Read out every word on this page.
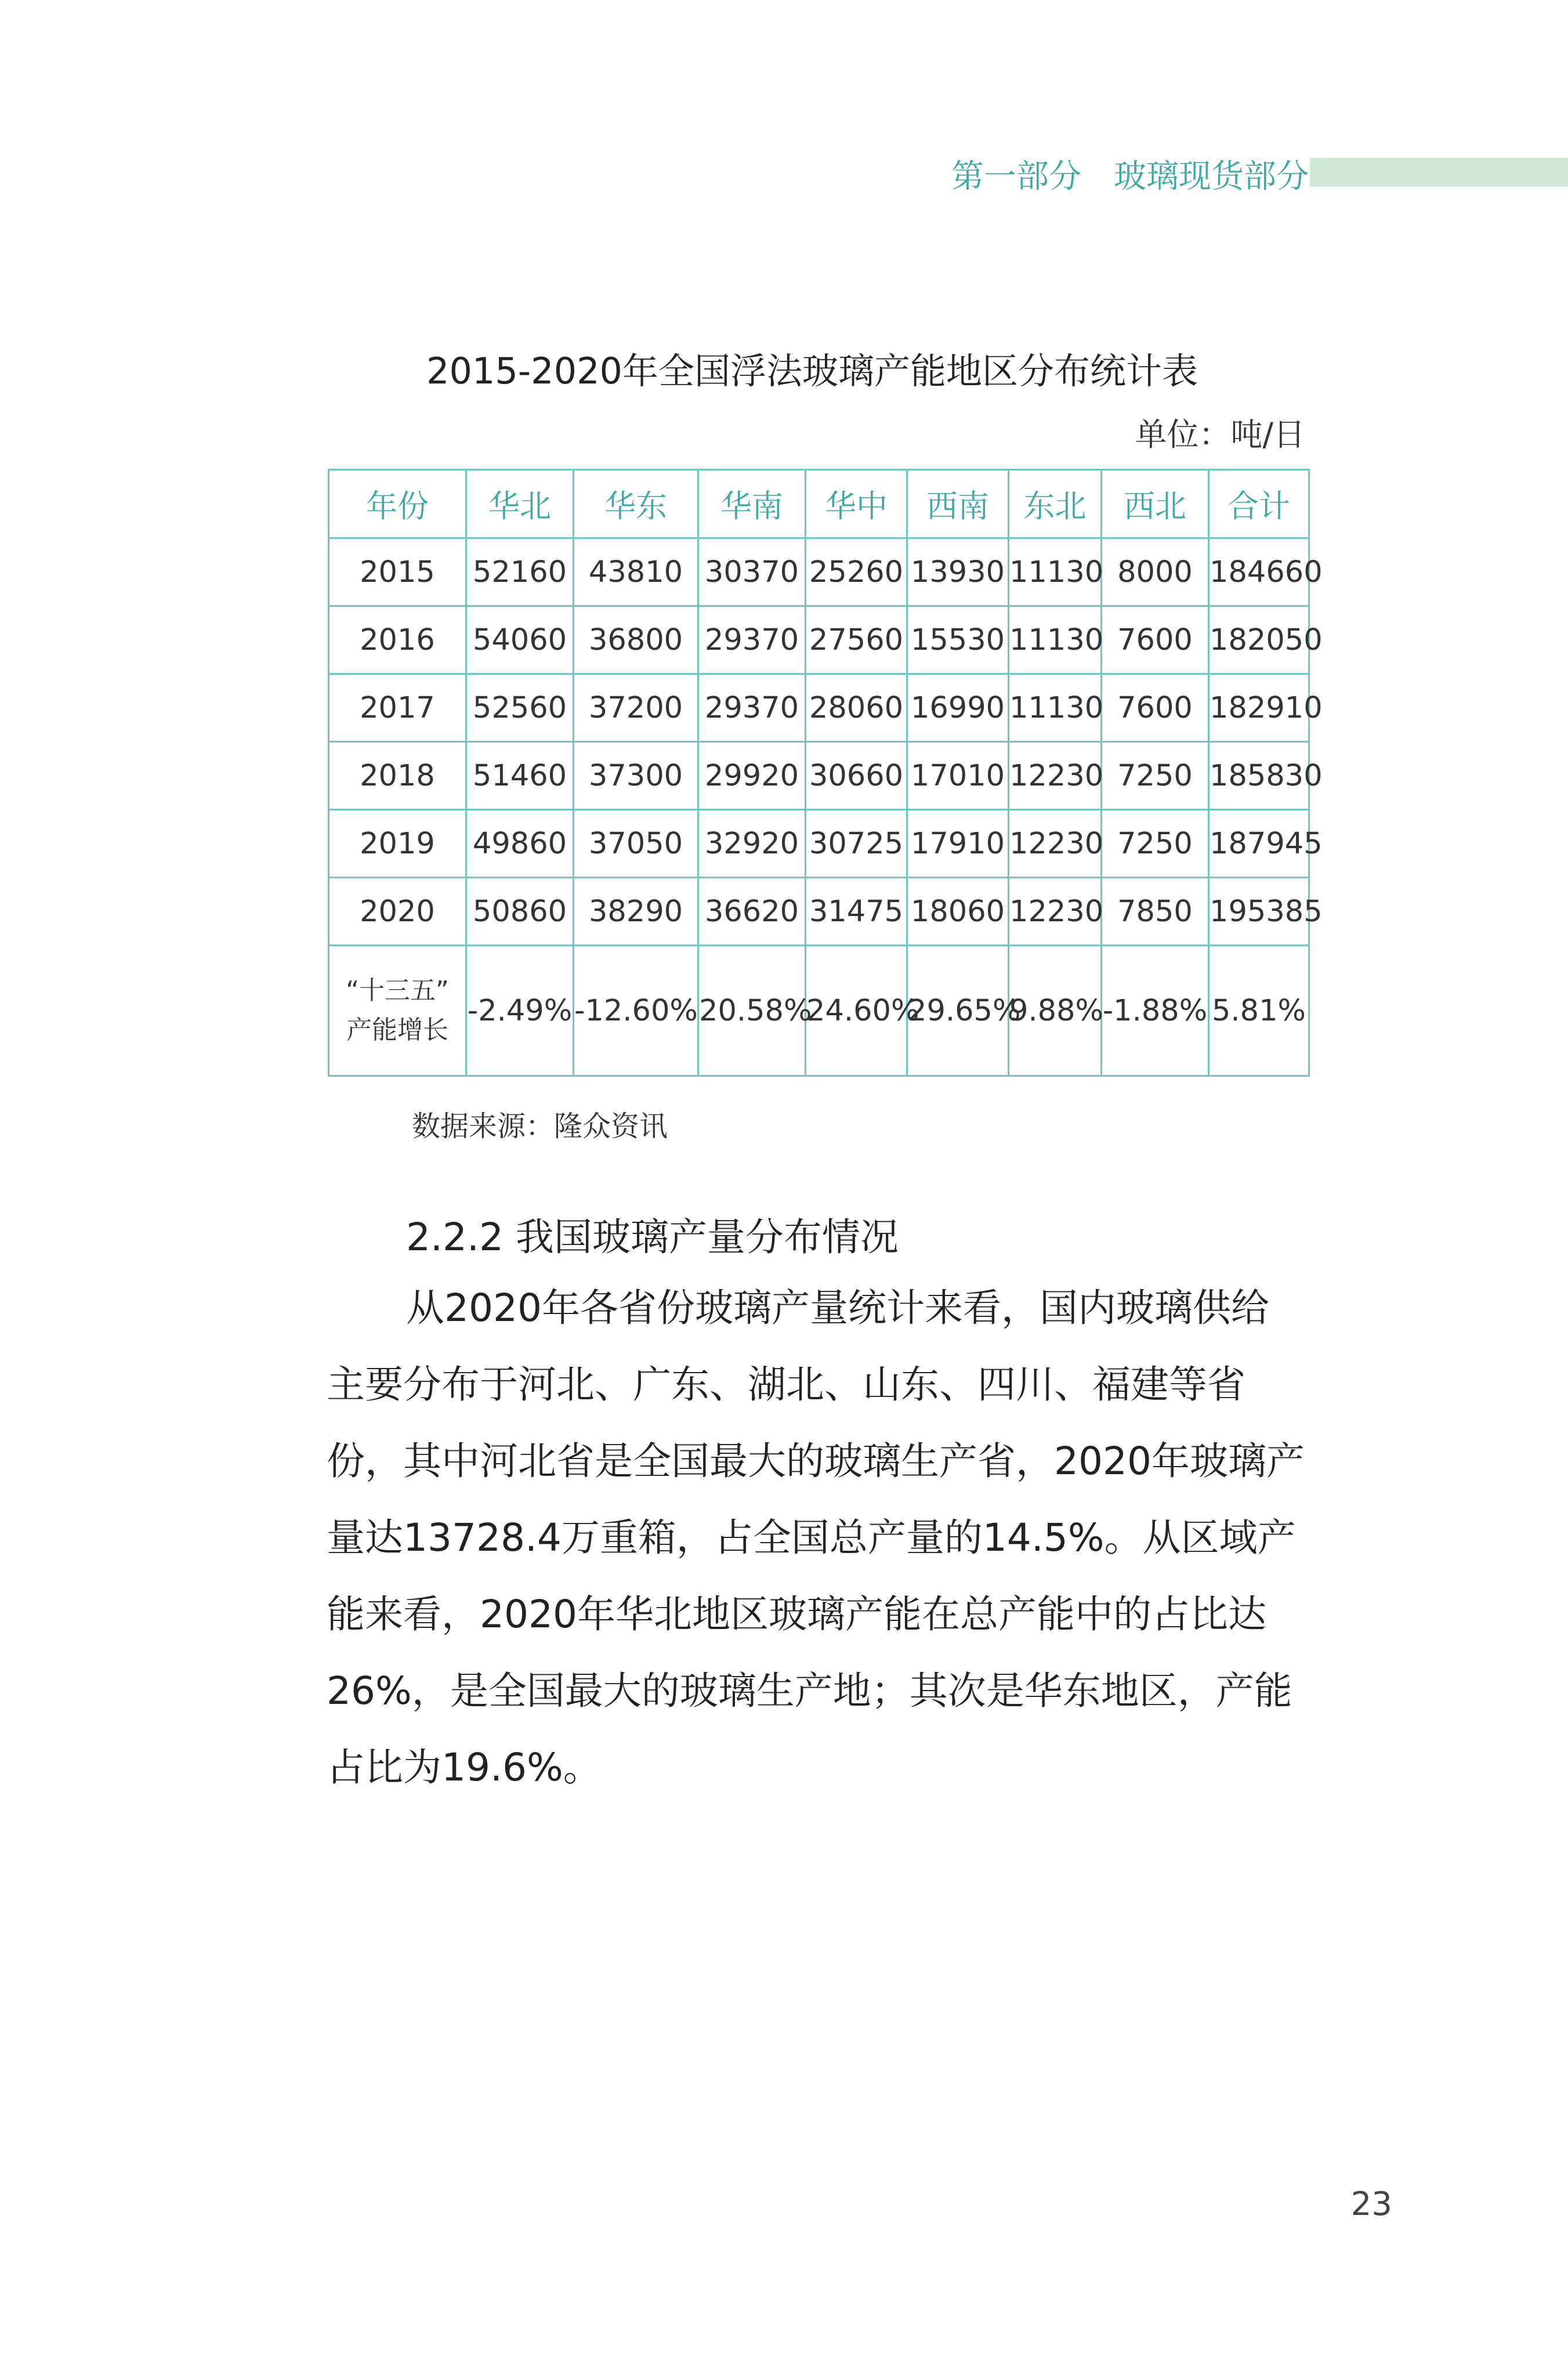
第一部分　玻璃现货部分
2015-2020年全国浮法玻璃产能地区分布统计表
单位：吨/日
年份	华北	华东	华南	华中	西南	东北	西北	合计
2015	52160	43810	30370	25260	13930	11130	8000	184660
2016	54060	36800	29370	27560	15530	11130	7600	182050
2017	52560	37200	29370	28060	16990	11130	7600	182910
2018	51460	37300	29920	30660	17010	12230	7250	185830
2019	49860	37050	32920	30725	17910	12230	7250	187945
2020	50860	38290	36620	31475	18060	12230	7850	195385
“十三五”
产能增长	-2.49%	-12.60%	20.58%	24.60%	29.65%	9.88%	-1.88%	5.81%
数据来源：隆众资讯
2.2.2 我国玻璃产量分布情况
从2020年各省份玻璃产量统计来看，国内玻璃供给
主要分布于河北、广东、湖北、山东、四川、福建等省
份，其中河北省是全国最大的玻璃生产省，2020年玻璃产
量达13728.4万重箱，占全国总产量的14.5%。从区域产
能来看，2020年华北地区玻璃产能在总产能中的占比达
26%，是全国最大的玻璃生产地；其次是华东地区，产能
占比为19.6%。
23
